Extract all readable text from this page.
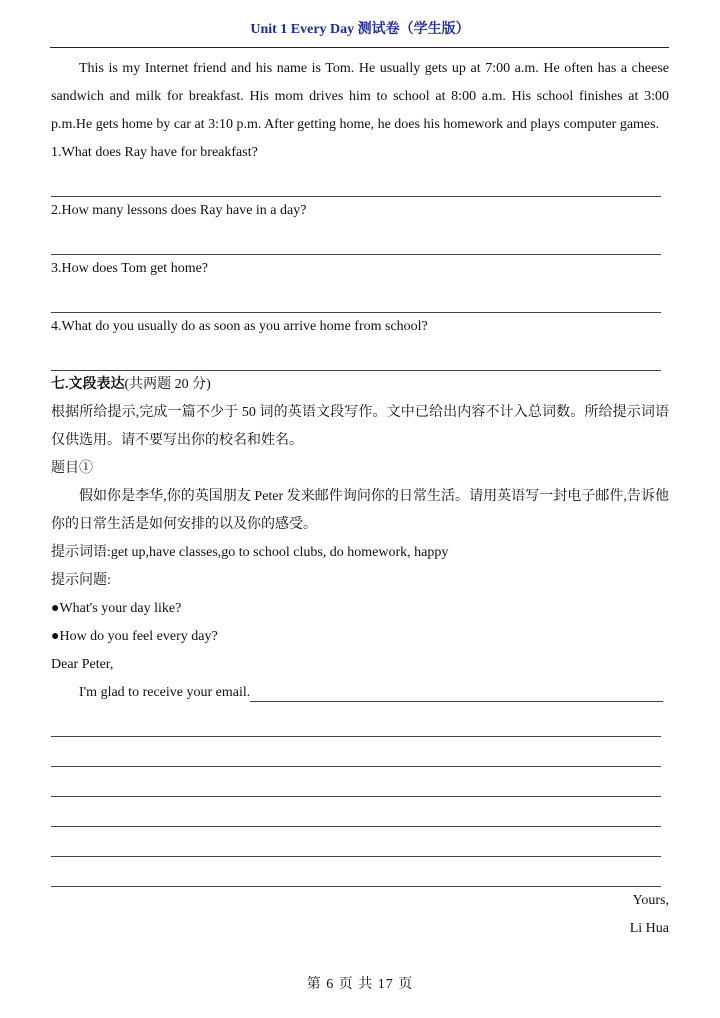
Unit 1 Every Day 测试卷（学生版）

This is my Internet friend and his name is Tom. He usually gets up at 7:00 a.m. He often has a cheese sandwich and milk for breakfast. His mom drives him to school at 8:00 a.m. His school finishes at 3:00 p.m.He gets home by car at 3:10 p.m. After getting home, he does his homework and plays computer games.

1.What does Ray have for breakfast?

2.How many lessons does Ray have in a day?

3.How does Tom get home?

4.What do you usually do as soon as you arrive home from school?

七.文段表达(共两题 20 分)

根据所给提示,完成一篇不少于 50 词的英语文段写作。文中已给出内容不计入总词数。所给提示词语仅供选用。请不要写出你的校名和姓名。

题目①

假如你是李华,你的英国朋友 Peter 发来邮件询问你的日常生活。请用英语写一封电子邮件,告诉他你的日常生活是如何安排的以及你的感受。

提示词语:get up,have classes,go to school clubs, do homework, happy

提示问题:

●What's your day like?

●How do you feel every day?

Dear Peter,

I'm glad to receive your email.
Yours,
Li Hua
第 6 页 共 17 页
